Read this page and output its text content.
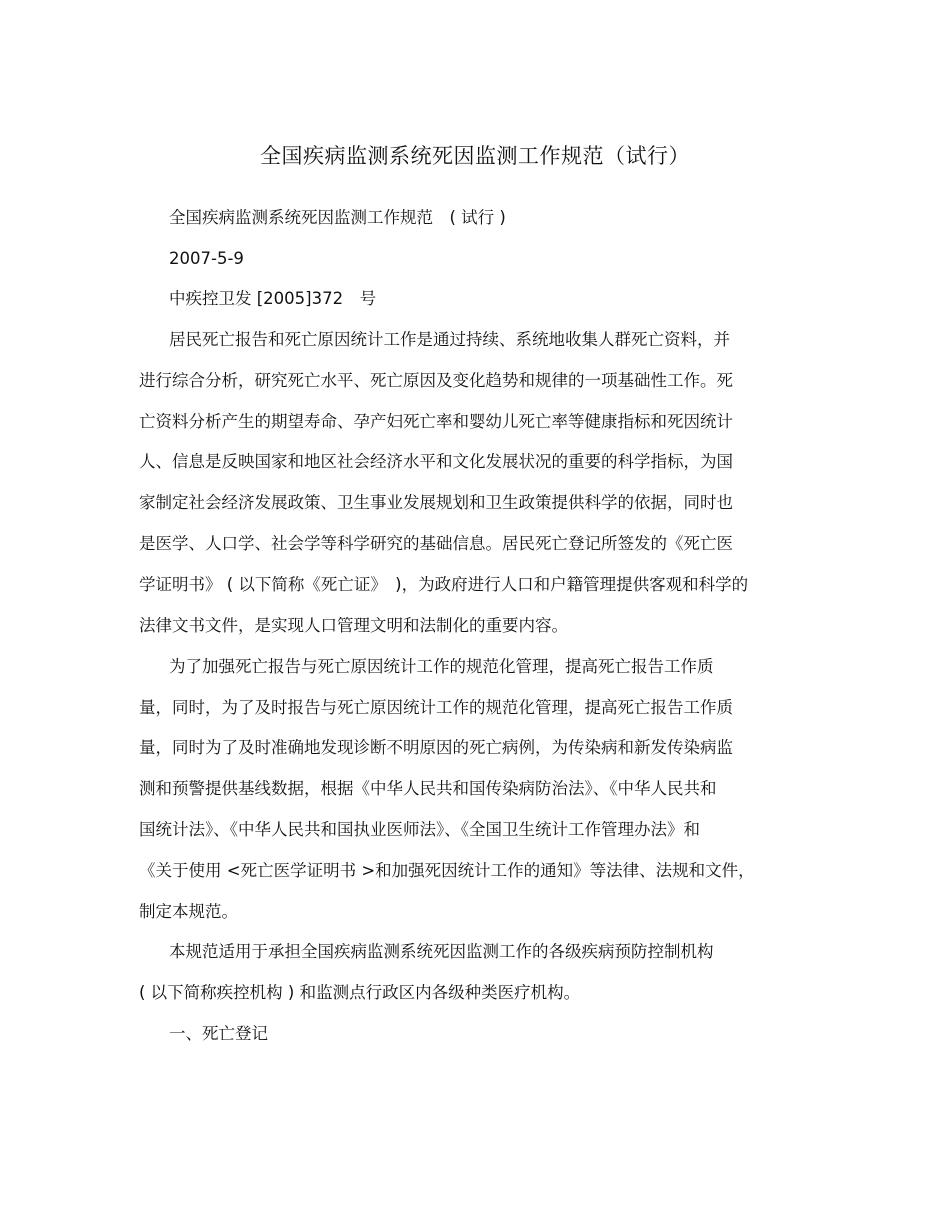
全国疾病监测系统死因监测工作规范（试行）
全国疾病监测系统死因监测工作规范　( 试行 )
2007-5-9
中疾控卫发 [2005]372　号
居民死亡报告和死亡原因统计工作是通过持续、系统地收集人群死亡资料，并
进行综合分析，研究死亡水平、死亡原因及变化趋势和规律的一项基础性工作。死
亡资料分析产生的期望寿命、孕产妇死亡率和婴幼儿死亡率等健康指标和死因统计
人、信息是反映国家和地区社会经济水平和文化发展状况的重要的科学指标，为国
家制定社会经济发展政策、卫生事业发展规划和卫生政策提供科学的依据，同时也
是医学、人口学、社会学等科学研究的基础信息。居民死亡登记所签发的《死亡医
学证明书》 ( 以下简称《死亡证》　)，为政府进行人口和户籍管理提供客观和科学的
法律文书文件，是实现人口管理文明和法制化的重要内容。
为了加强死亡报告与死亡原因统计工作的规范化管理，提高死亡报告工作质
量，同时，为了及时报告与死亡原因统计工作的规范化管理，提高死亡报告工作质
量，同时为了及时准确地发现诊断不明原因的死亡病例，为传染病和新发传染病监
测和预警提供基线数据，根据《中华人民共和国传染病防治法》、《中华人民共和
国统计法》、《中华人民共和国执业医师法》、《全国卫生统计工作管理办法》和
《关于使用 <死亡医学证明书 >和加强死因统计工作的通知》等法律、法规和文件，
制定本规范。
本规范适用于承担全国疾病监测系统死因监测工作的各级疾病预防控制机构
( 以下简称疾控机构 ) 和监测点行政区内各级种类医疗机构。
一、死亡登记
